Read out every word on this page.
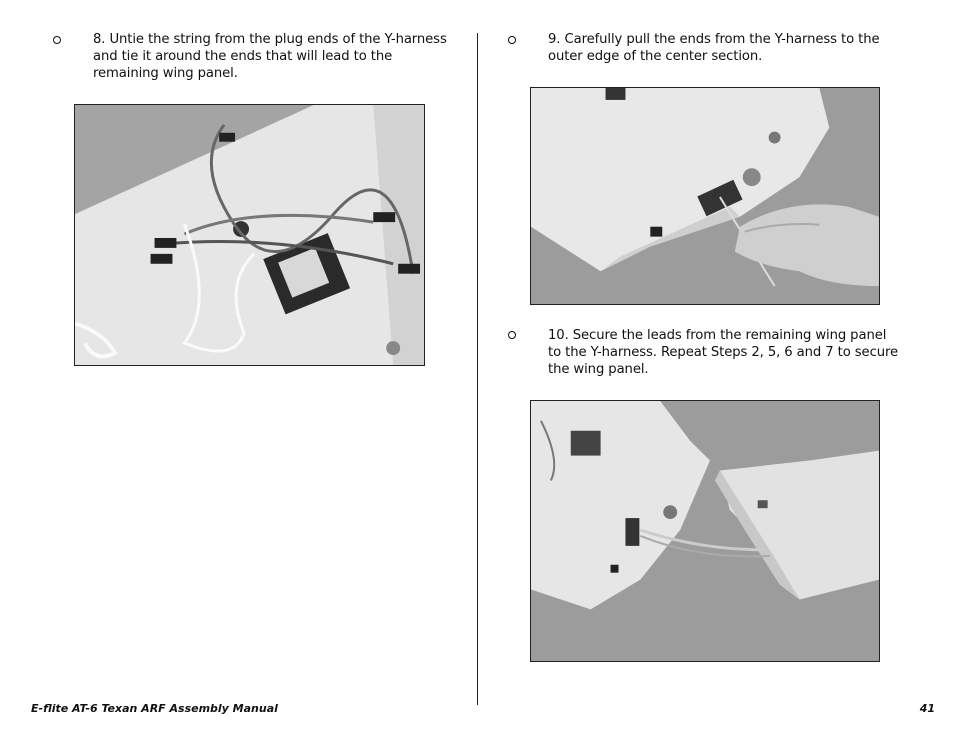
8. Untie the string from the plug ends of the Y-harness and tie it around the ends that will lead to the remaining wing panel.
9. Carefully pull the ends from the Y-harness to the outer edge of the center section.
10. Secure the leads from the remaining wing panel to the Y-harness. Repeat Steps 2, 5, 6 and 7 to secure the wing panel.
E-flite AT-6 Texan ARF Assembly Manual	41
